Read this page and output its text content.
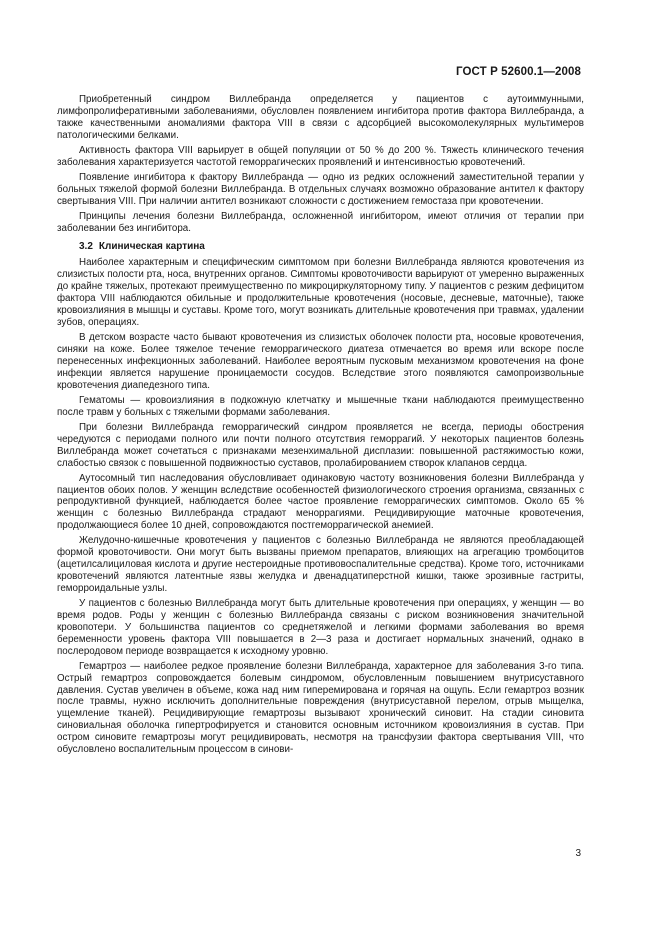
ГОСТ Р 52600.1—2008

Приобретенный синдром Виллебранда определяется у пациентов с аутоиммунными, лимфопролиферативными заболеваниями, обусловлен появлением ингибитора против фактора Виллебранда, а также качественными аномалиями фактора VIII в связи с адсорбцией высокомолекулярных мультимеров патологическими белками.

Активность фактора VIII варьирует в общей популяции от 50 % до 200 %. Тяжесть клинического течения заболевания характеризуется частотой геморрагических проявлений и интенсивностью кровотечений.

Появление ингибитора к фактору Виллебранда — одно из редких осложнений заместительной терапии у больных тяжелой формой болезни Виллебранда. В отдельных случаях возможно образование антител к фактору свертывания VIII. При наличии антител возникают сложности с достижением гемостаза при кровотечении.

Принципы лечения болезни Виллебранда, осложненной ингибитором, имеют отличия от терапии при заболевании без ингибитора.

3.2 Клиническая картина

Наиболее характерным и специфическим симптомом при болезни Виллебранда являются кровотечения из слизистых полости рта, носа, внутренних органов. Симптомы кровоточивости варьируют от умеренно выраженных до крайне тяжелых, протекают преимущественно по микроциркуляторному типу. У пациентов с резким дефицитом фактора VIII наблюдаются обильные и продолжительные кровотечения (носовые, десневые, маточные), также кровоизлияния в мышцы и суставы. Кроме того, могут возникать длительные кровотечения при травмах, удалении зубов, операциях.

В детском возрасте часто бывают кровотечения из слизистых оболочек полости рта, носовые кровотечения, синяки на коже. Более тяжелое течение геморрагического диатеза отмечается во время или вскоре после перенесенных инфекционных заболеваний. Наиболее вероятным пусковым механизмом кровотечения на фоне инфекции является нарушение проницаемости сосудов. Вследствие этого появляются самопроизвольные кровотечения диапедезного типа.

Гематомы — кровоизлияния в подкожную клетчатку и мышечные ткани наблюдаются преимущественно после травм у больных с тяжелыми формами заболевания.

При болезни Виллебранда геморрагический синдром проявляется не всегда, периоды обострения чередуются с периодами полного или почти полного отсутствия геморрагий. У некоторых пациентов болезнь Виллебранда может сочетаться с признаками мезенхимальной дисплазии: повышенной растяжимостью кожи, слабостью связок с повышенной подвижностью суставов, пролабированием створок клапанов сердца.

Аутосомный тип наследования обусловливает одинаковую частоту возникновения болезни Виллебранда у пациентов обоих полов. У женщин вследствие особенностей физиологического строения организма, связанных с репродуктивной функцией, наблюдается более частое проявление геморрагических симптомов. Около 65 % женщин с болезнью Виллебранда страдают меноррагиями. Рецидивирующие маточные кровотечения, продолжающиеся более 10 дней, сопровождаются постгеморрагической анемией.

Желудочно-кишечные кровотечения у пациентов с болезнью Виллебранда не являются преобладающей формой кровоточивости. Они могут быть вызваны приемом препаратов, влияющих на агрегацию тромбоцитов (ацетилсалициловая кислота и другие нестероидные противовоспалительные средства). Кроме того, источниками кровотечений являются латентные язвы желудка и двенадцатиперстной кишки, также эрозивные гастриты, геморроидальные узлы.

У пациентов с болезнью Виллебранда могут быть длительные кровотечения при операциях, у женщин — во время родов. Роды у женщин с болезнью Виллебранда связаны с риском возникновения значительной кровопотери. У большинства пациентов со среднетяжелой и легкими формами заболевания во время беременности уровень фактора VIII повышается в 2—3 раза и достигает нормальных значений, однако в послеродовом периоде возвращается к исходному уровню.

Гемартроз — наиболее редкое проявление болезни Виллебранда, характерное для заболевания 3-го типа. Острый гемартроз сопровождается болевым синдромом, обусловленным повышением внутрисуставного давления. Сустав увеличен в объеме, кожа над ним гиперемирована и горячая на ощупь. Если гемартроз возник после травмы, нужно исключить дополнительные повреждения (внутрисуставной перелом, отрыв мыщелка, ущемление тканей). Рецидивирующие гемартрозы вызывают хронический синовит. На стадии синовита синовиальная оболочка гипертрофируется и становится основным источником кровоизлияния в сустав. При остром синовите гемартрозы могут рецидивировать, несмотря на трансфузии фактора свертывания VIII, что обусловлено воспалительным процессом в синови-

3
